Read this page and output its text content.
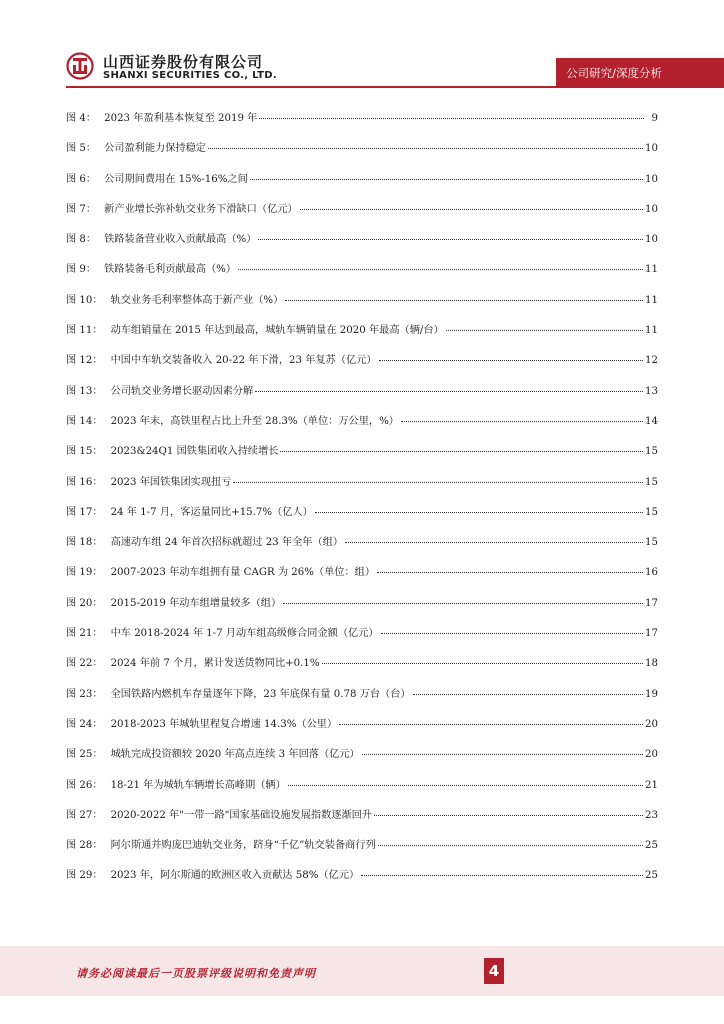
山西证券股份有限公司
SHANXI SECURITIES CO., LTD.	公司研究/深度分析
图 4： 2023 年盈利基本恢复至 2019 年	9
图 5： 公司盈利能力保持稳定	10
图 6： 公司期间费用在 15%-16%之间	10
图 7： 新产业增长弥补轨交业务下滑缺口（亿元）	10
图 8： 铁路装备营业收入贡献最高（%）	10
图 9： 铁路装备毛利贡献最高（%）	11
图 10： 轨交业务毛利率整体高于新产业（%）	11
图 11： 动车组销量在 2015 年达到最高，城轨车辆销量在 2020 年最高（辆/台）	11
图 12： 中国中车轨交装备收入 20-22 年下滑，23 年复苏（亿元）	12
图 13： 公司轨交业务增长驱动因素分解	13
图 14： 2023 年末，高铁里程占比上升至 28.3%（单位：万公里，%）	14
图 15： 2023&24Q1 国铁集团收入持续增长	15
图 16： 2023 年国铁集团实现扭亏	15
图 17： 24 年 1-7 月，客运量同比+15.7%（亿人）	15
图 18： 高速动车组 24 年首次招标就超过 23 年全年（组）	15
图 19： 2007-2023 年动车组拥有量 CAGR 为 26%（单位：组）	16
图 20： 2015-2019 年动车组增量较多（组）	17
图 21： 中车 2018-2024 年 1-7 月动车组高级修合同金额（亿元）	17
图 22： 2024 年前 7 个月，累计发送货物同比+0.1%	18
图 23： 全国铁路内燃机车存量逐年下降，23 年底保有量 0.78 万台（台）	19
图 24： 2018-2023 年城轨里程复合增速 14.3%（公里）	20
图 25： 城轨完成投资额较 2020 年高点连续 3 年回落（亿元）	20
图 26： 18-21 年为城轨车辆增长高峰期（辆）	21
图 27： 2020-2022 年"一带一路"国家基础设施发展指数逐渐回升	23
图 28： 阿尔斯通并购庞巴迪轨交业务，跻身“千亿”轨交装备商行列	25
图 29： 2023 年，阿尔斯通的欧洲区收入贡献达 58%（亿元）	25
请务必阅读最后一页股票评级说明和免责声明	4
